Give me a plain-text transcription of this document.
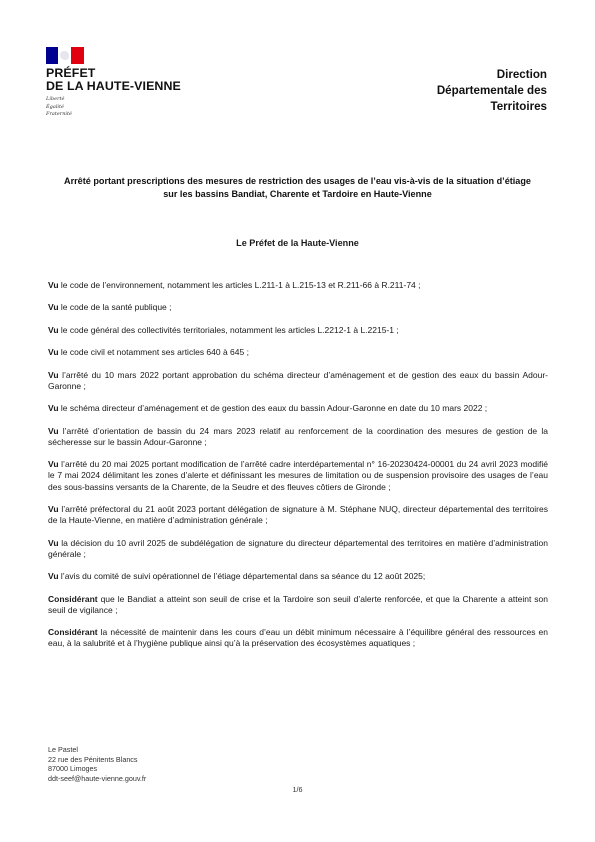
PRÉFET
DE LA HAUTE-VIENNE
Liberté
Égalité
Fraternité
Direction
Départementale des
Territoires
Arrêté portant prescriptions des mesures de restriction des usages de l’eau vis-à-vis de la situation d’étiage sur les bassins Bandiat, Charente et Tardoire en Haute-Vienne
Le Préfet de la Haute-Vienne

Vu le code de l’environnement, notamment les articles L.211-1 à L.215-13 et R.211-66 à R.211-74 ;

Vu le code de la santé publique ;

Vu le code général des collectivités territoriales, notamment les articles L.2212-1 à L.2215-1 ;

Vu le code civil et notamment ses articles 640 à 645 ;

Vu l’arrêté du 10 mars 2022 portant approbation du schéma directeur d’aménagement et de gestion des eaux du bassin Adour-Garonne ;

Vu le schéma directeur d’aménagement et de gestion des eaux du bassin Adour-Garonne en date du 10 mars 2022 ;

Vu l’arrêté d’orientation de bassin du 24 mars 2023 relatif au renforcement de la coordination des mesures de gestion de la sécheresse sur le bassin Adour-Garonne ;

Vu l’arrêté du 20 mai 2025 portant modification de l’arrêté cadre interdépartemental n° 16-20230424-00001 du 24 avril 2023 modifié le 7 mai 2024 délimitant les zones d’alerte et définissant les mesures de limitation ou de suspension provisoire des usages de l’eau des sous-bassins versants de la Charente, de la Seudre et des fleuves côtiers de Gironde ;

Vu l’arrêté préfectoral du 21 août 2023 portant délégation de signature à M. Stéphane NUQ, directeur départemental des territoires de la Haute-Vienne, en matière d’administration générale ;

Vu la décision du 10 avril 2025 de subdélégation de signature du directeur départemental des territoires en matière d’administration générale ;

Vu l’avis du comité de suivi opérationnel de l’étiage départemental dans sa séance du 12 août 2025;

Considérant que le Bandiat a atteint son seuil de crise et la Tardoire son seuil d’alerte renforcée, et que la Charente a atteint son seuil de vigilance ;

Considérant la nécessité de maintenir dans les cours d’eau un débit minimum nécessaire à l’équilibre général des ressources en eau, à la salubrité et à l’hygiène publique ainsi qu’à la préservation des écosystèmes aquatiques ;

Le Pastel
22 rue des Pénitents Blancs
87000 Limoges
ddt-seef@haute-vienne.gouv.fr
1/6
